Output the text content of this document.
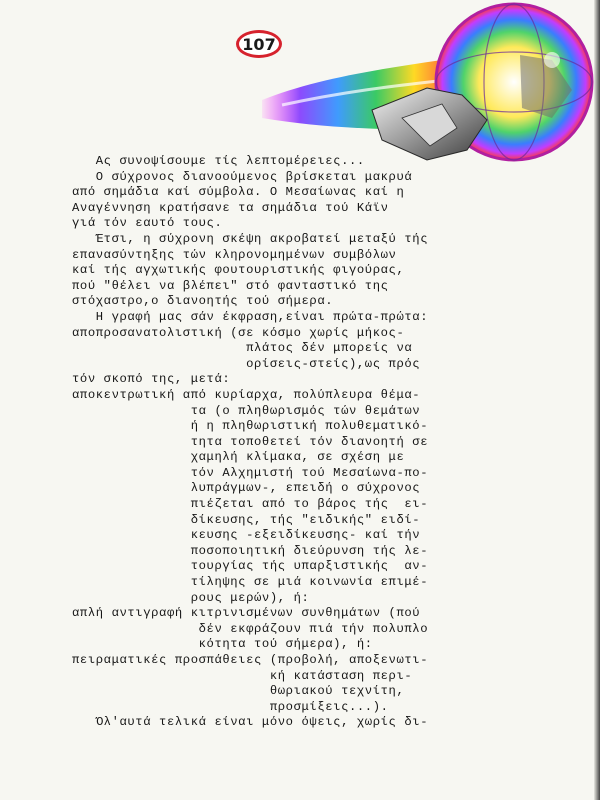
107
Ας συνοψίσουμε τίς λεπτομέρειες...
Ο σύχρονος διανοούμενος βρίσκεται μακρυά
από σημάδια καί σύμβολα. Ο Μεσαίωνας καί η
Αναγέννηση κρατήσανε τα σημάδια τού Κάϊν
γιά τόν εαυτό τους.
Έτσι, η σύχρονη σκέψη ακροβατεί μεταξύ τής
επανασύντηξης τών κληρονομημένων συμβόλων
καί τής αγχωτικής φουτουριστικής φιγούρας,
πού "θέλει να βλέπει" στό φανταστικό της
στόχαστρο,ο διανοητής τού σήμερα.
Η γραφή μας σάν έκφραση,είναι πρώτα-πρώτα:
αποπροσανατολιστική (σε κόσμο χωρίς μήκος-
πλάτος δέν μπορείς να
ορίσεις-στείς),ως πρός
τόν σκοπό της, μετά:
αποκεντρωτική από κυρίαρχα, πολύπλευρα θέμα-
τα (ο πληθωρισμός τών θεμάτων
ή η πληθωριστική πολυθεματικό-
τητα τοποθετεί τόν διανοητή σε
χαμηλή κλίμακα, σε σχέση με
τόν Αλχημιστή τού Μεσαίωνα-πο-
λυπράγμων-, επειδή ο σύχρονος
πιέζεται από το βάρος τής  ει-
δίκευσης, τής "ειδικής" ειδί-
κευσης -εξειδίκευσης- καί τήν
ποσοποιητική διεύρυνση τής λε-
τουργίας τής υπαρξιστικής  αν-
τίληψης σε μιά κοινωνία επιμέ-
ρους μερών), ή:
απλή αντιγραφή κιτρινισμένων συνθημάτων (πού
δέν εκφράζουν πιά τήν πολυπλο
κότητα τού σήμερα), ή:
πειραματικές προσπάθειες (προβολή, αποξενωτι-
κή κατάσταση περι-
θωριακού τεχνίτη,
προσμίξεις...).
Όλ'αυτά τελικά είναι μόνο όψεις, χωρίς δι-
